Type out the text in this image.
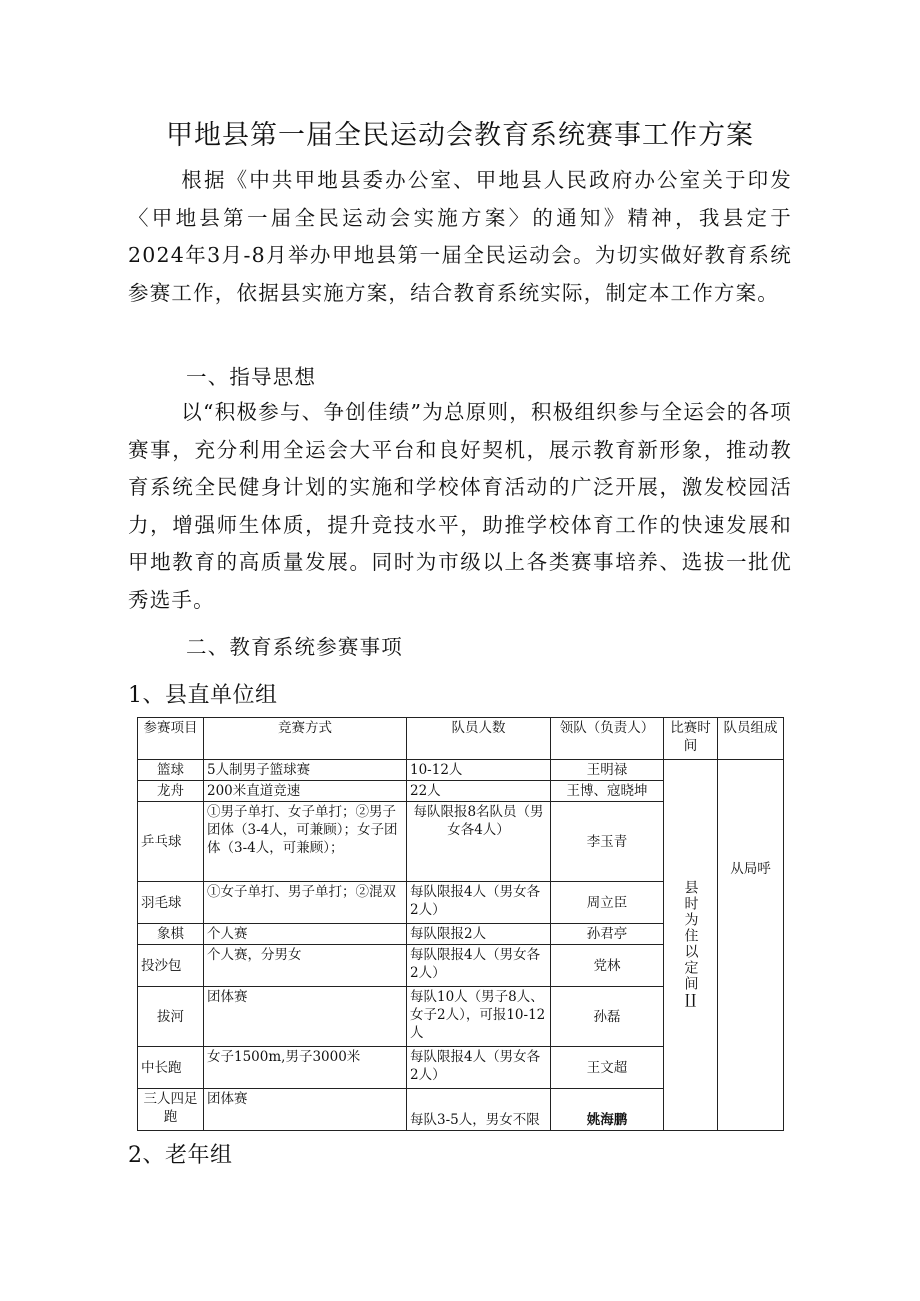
甲地县第一届全民运动会教育系统赛事工作方案

根据《中共甲地县委办公室、甲地县人民政府办公室关于印发〈甲地县第一届全民运动会实施方案〉的通知》精神，我县定于2024年3月-8月举办甲地县第一届全民运动会。为切实做好教育系统参赛工作，依据县实施方案，结合教育系统实际，制定本工作方案。

一、指导思想

以“积极参与、争创佳绩”为总原则，积极组织参与全运会的各项赛事，充分利用全运会大平台和良好契机，展示教育新形象，推动教育系统全民健身计划的实施和学校体育活动的广泛开展，激发校园活力，增强师生体质，提升竞技水平，助推学校体育工作的快速发展和甲地教育的高质量发展。同时为市级以上各类赛事培养、选拔一批优秀选手。

二、教育系统参赛事项

1、县直单位组

参赛项目	竞赛方式	队员人数	领队（负责人）	比赛时间	队员组成
篮球	5人制男子篮球赛	10-12人	王明禄	县时为住以定间∐	从局呼
龙舟	200米直道竞速	22人	王博、寇晓坤		
乒乓球	①男子单打、女子单打；②男子团体（3-4人，可兼顾）；女子团体（3-4人，可兼顾）；	每队限报8名队员（男女各4人）	李玉青		
羽毛球	①女子单打、男子单打；②混双	每队限报4人（男女各2人）	周立臣		
象棋	个人赛	每队限报2人	孙君亭		
投沙包	个人赛，分男女	每队限报4人（男女各2人）	党林		
拔河	团体赛	每队10人（男子8人、女子2人），可报10-12人	孙磊		
中长跑	女子1500m,男子3000米	每队限报4人（男女各2人）	王文超		
三人四足跑	团体赛	每队3-5人，男女不限	姚海鹏		

2、老年组
